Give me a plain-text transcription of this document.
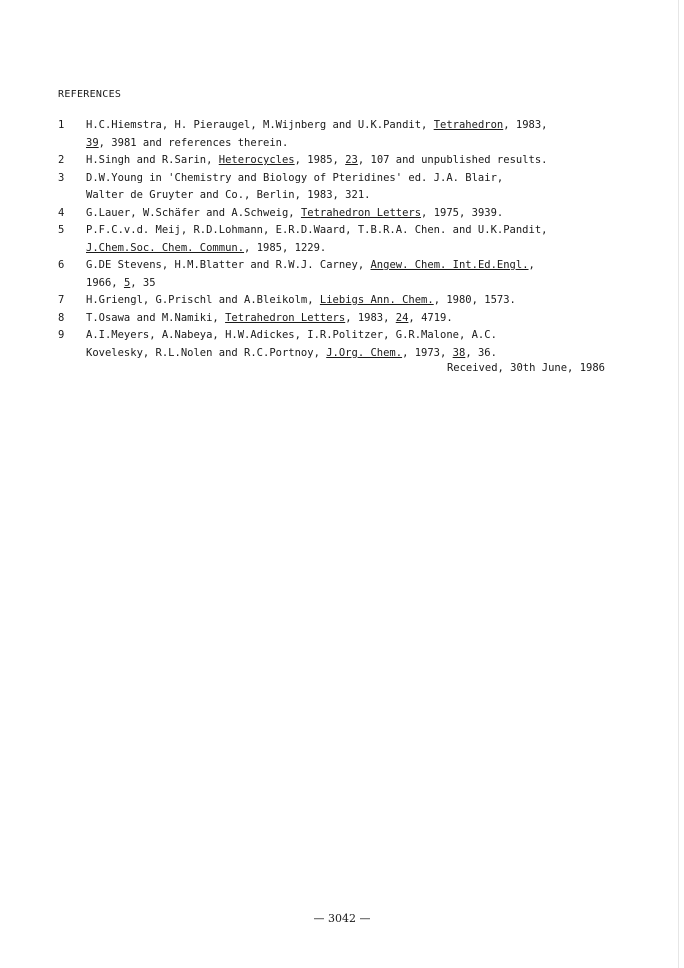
REFERENCES
1	H.C.Hiemstra, H. Pieraugel, M.Wijnberg and U.K.Pandit, Tetrahedron, 1983,
39, 3981 and references therein.
2	H.Singh and R.Sarin, Heterocycles, 1985, 23, 107 and unpublished results.
3	D.W.Young in 'Chemistry and Biology of Pteridines' ed. J.A. Blair,
Walter de Gruyter and Co., Berlin, 1983, 321.
4	G.Lauer, W.Schäfer and A.Schweig, Tetrahedron Letters, 1975, 3939.
5	P.F.C.v.d. Meij, R.D.Lohmann, E.R.D.Waard, T.B.R.A. Chen. and U.K.Pandit,
J.Chem.Soc. Chem. Commun., 1985, 1229.
6	G.DE Stevens, H.M.Blatter and R.W.J. Carney, Angew. Chem. Int.Ed.Engl.,
1966, 5, 35
7	H.Griengl, G.Prischl and A.Bleikolm, Liebigs Ann. Chem., 1980, 1573.
8	T.Osawa and M.Namiki, Tetrahedron Letters, 1983, 24, 4719.
9	A.I.Meyers, A.Nabeya, H.W.Adickes, I.R.Politzer, G.R.Malone, A.C.
Kovelesky, R.L.Nolen and R.C.Portnoy, J.Org. Chem., 1973, 38, 36.
Received, 30th June, 1986
— 3042 —
